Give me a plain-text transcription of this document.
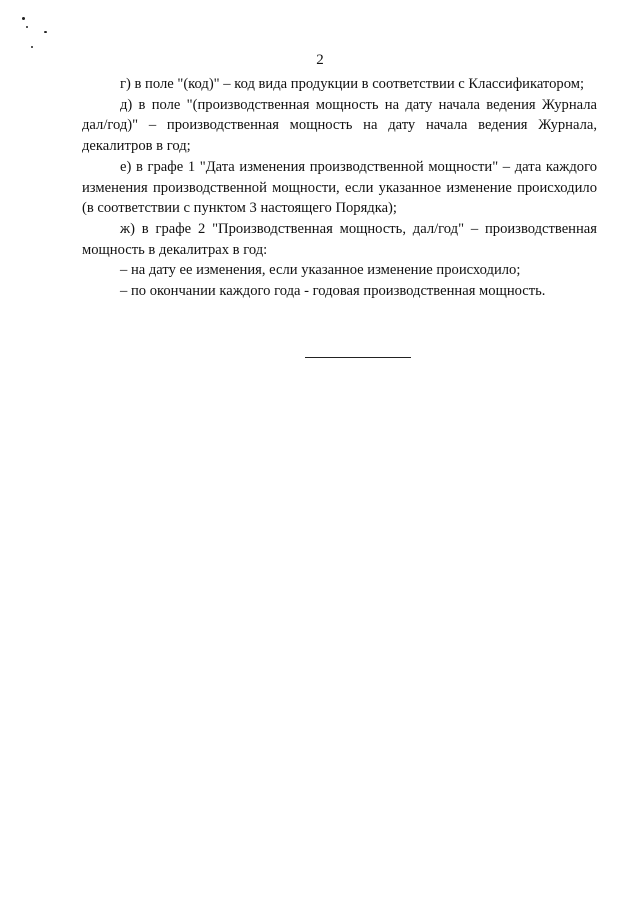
2

г) в поле "(код)" – код вида продукции в соответствии с Классификатором;

д) в поле "(производственная мощность на дату начала ведения Журнала дал/год)" – производственная мощность на дату начала ведения Журнала, декалитров в год;

е) в графе 1 "Дата изменения производственной мощности" – дата каждого изменения производственной мощности, если указанное изменение происходило (в соответствии с пунктом 3 настоящего Порядка);

ж) в графе 2 "Производственная мощность, дал/год" – производственная мощность в декалитрах в год:

– на дату ее изменения, если указанное изменение происходило;

– по окончании каждого года - годовая производственная мощность.
